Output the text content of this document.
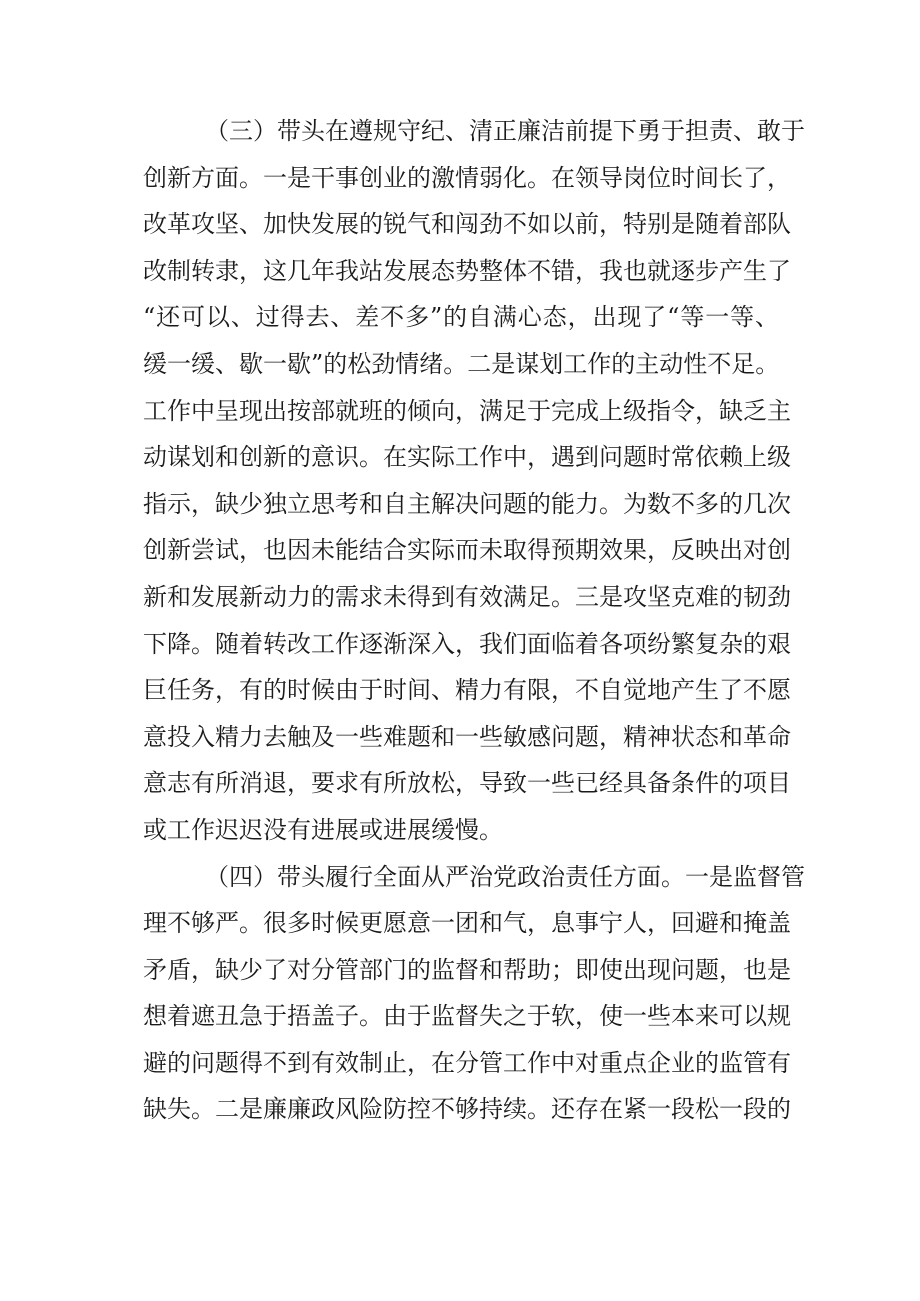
（三）带头在遵规守纪、清正廉洁前提下勇于担责、敢于
创新方面。一是干事创业的激情弱化。在领导岗位时间长了，
改革攻坚、加快发展的锐气和闯劲不如以前，特别是随着部队
改制转隶，这几年我站发展态势整体不错，我也就逐步产生了
“还可以、过得去、差不多”的自满心态，出现了“等一等、
缓一缓、歇一歇”的松劲情绪。二是谋划工作的主动性不足。
工作中呈现出按部就班的倾向，满足于完成上级指令，缺乏主
动谋划和创新的意识。在实际工作中，遇到问题时常依赖上级
指示，缺少独立思考和自主解决问题的能力。为数不多的几次
创新尝试，也因未能结合实际而未取得预期效果，反映出对创
新和发展新动力的需求未得到有效满足。三是攻坚克难的韧劲
下降。随着转改工作逐渐深入，我们面临着各项纷繁复杂的艰
巨任务，有的时候由于时间、精力有限，不自觉地产生了不愿
意投入精力去触及一些难题和一些敏感问题，精神状态和革命
意志有所消退，要求有所放松，导致一些已经具备条件的项目
或工作迟迟没有进展或进展缓慢。
（四）带头履行全面从严治党政治责任方面。一是监督管
理不够严。很多时候更愿意一团和气，息事宁人，回避和掩盖
矛盾，缺少了对分管部门的监督和帮助；即使出现问题，也是
想着遮丑急于捂盖子。由于监督失之于软，使一些本来可以规
避的问题得不到有效制止，在分管工作中对重点企业的监管有
缺失。二是廉廉政风险防控不够持续。还存在紧一段松一段的
